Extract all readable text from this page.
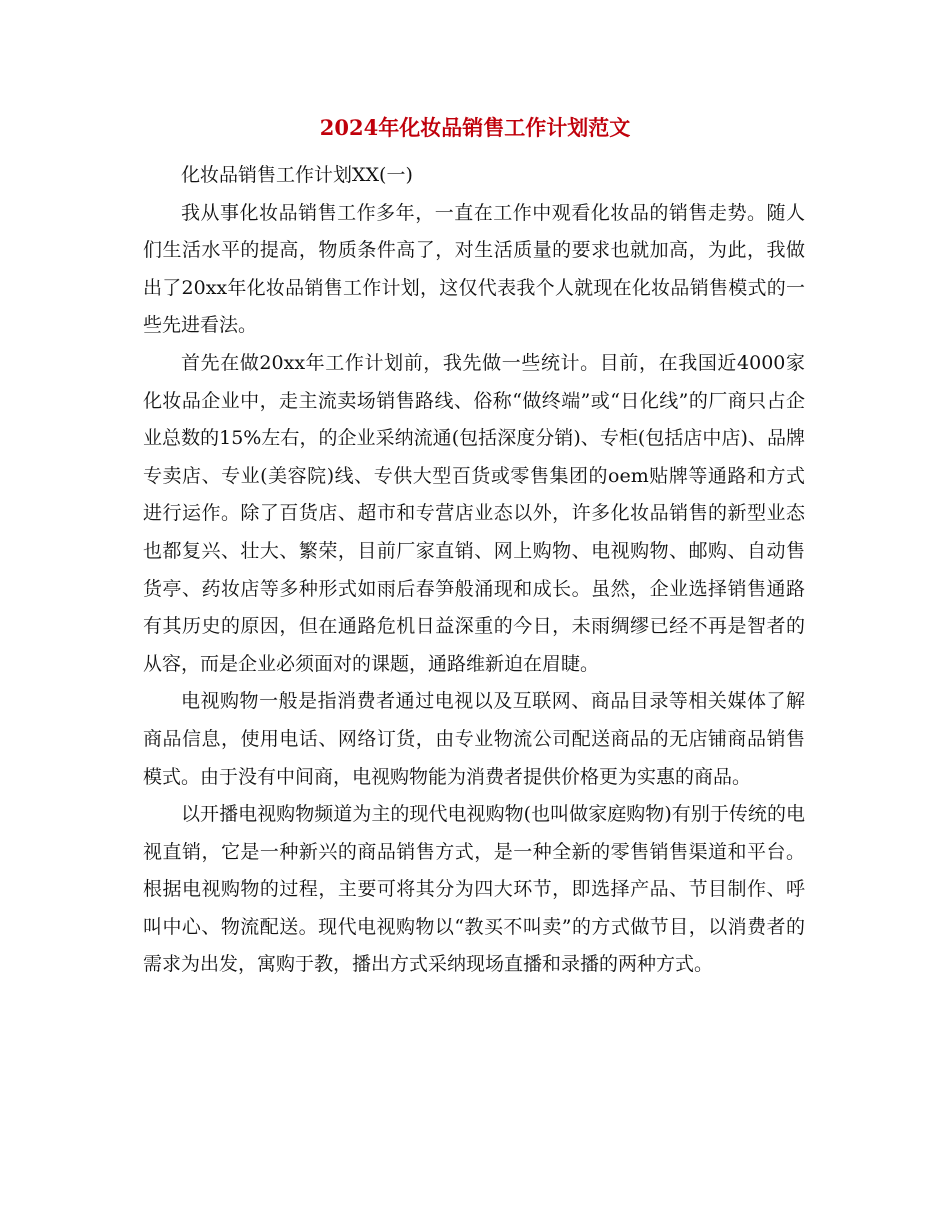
2024年化妆品销售工作计划范文

化妆品销售工作计划XX(一)

我从事化妆品销售工作多年，一直在工作中观看化妆品的销售走势。随人们生活水平的提高，物质条件高了，对生活质量的要求也就加高，为此，我做出了20xx年化妆品销售工作计划，这仅代表我个人就现在化妆品销售模式的一些先进看法。

首先在做20xx年工作计划前，我先做一些统计。目前，在我国近4000家化妆品企业中，走主流卖场销售路线、俗称“做终端”或“日化线”的厂商只占企业总数的15%左右，的企业采纳流通(包括深度分销)、专柜(包括店中店)、品牌专卖店、专业(美容院)线、专供大型百货或零售集团的oem贴牌等通路和方式进行运作。除了百货店、超市和专营店业态以外，许多化妆品销售的新型业态也都复兴、壮大、繁荣，目前厂家直销、网上购物、电视购物、邮购、自动售货亭、药妆店等多种形式如雨后春笋般涌现和成长。虽然，企业选择销售通路有其历史的原因，但在通路危机日益深重的今日，未雨绸缪已经不再是智者的从容，而是企业必须面对的课题，通路维新迫在眉睫。

电视购物一般是指消费者通过电视以及互联网、商品目录等相关媒体了解商品信息，使用电话、网络订货，由专业物流公司配送商品的无店铺商品销售模式。由于没有中间商，电视购物能为消费者提供价格更为实惠的商品。

以开播电视购物频道为主的现代电视购物(也叫做家庭购物)有别于传统的电视直销，它是一种新兴的商品销售方式，是一种全新的零售销售渠道和平台。根据电视购物的过程，主要可将其分为四大环节，即选择产品、节目制作、呼叫中心、物流配送。现代电视购物以“教买不叫卖”的方式做节目，以消费者的需求为出发，寓购于教，播出方式采纳现场直播和录播的两种方式。
